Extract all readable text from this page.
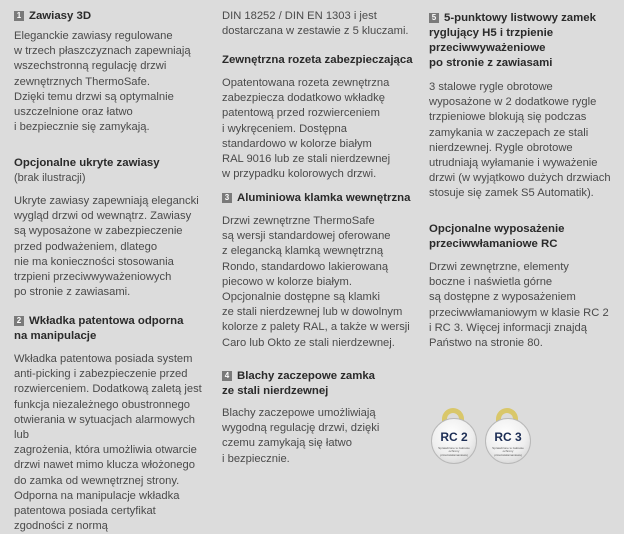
1 Zawiasy 3D
Eleganckie zawiasy regulowane
w trzech płaszczyznach zapewniają
wszechstronną regulację drzwi
zewnętrznych ThermoSafe.
Dzięki temu drzwi są optymalnie
uszczelnione oraz łatwo
i bezpiecznie się zamykają.
Opcjonalne ukryte zawiasy
(brak ilustracji)
Ukryte zawiasy zapewniają elegancki
wygląd drzwi od wewnątrz. Zawiasy
są wyposażone w zabezpieczenie
przed podważeniem, dlatego
nie ma konieczności stosowania
trzpieni przeciwwyważeniowych
po stronie z zawiasami.
2 Wkładka patentowa odporna
na manipulacje
Wkładka patentowa posiada system
anti-picking i zabezpieczenie przed
rozwierceniem. Dodatkową zaletą jest
funkcja niezależnego obustronnego
otwierania w sytuacjach alarmowych lub
zagrożenia, która umożliwia otwarcie
drzwi nawet mimo klucza włożonego
do zamka od wewnętrznej strony.
Odporna na manipulacje wkładka
patentowa posiada certyfikat
zgodności z normą
DIN 18252 / DIN EN 1303 i jest
dostarczana w zestawie z 5 kluczami.
Zewnętrzna rozeta zabezpieczająca
Opatentowana rozeta zewnętrzna
zabezpiecza dodatkowo wkładkę
patentową przed rozwierceniem
i wykręceniem. Dostępna
standardowo w kolorze białym
RAL 9016 lub ze stali nierdzewnej
w przypadku kolorowych drzwi.
3 Aluminiowa klamka wewnętrzna
Drzwi zewnętrzne ThermoSafe
są wersji standardowej oferowane
z elegancką klamką wewnętrzną
Rondo, standardowo lakierowaną
piecowo w kolorze białym.
Opcjonalnie dostępne są klamki
ze stali nierdzewnej lub w dowolnym
kolorze z palety RAL, a także w wersji
Caro lub Okto ze stali nierdzewnej.
4 Blachy zaczepowe zamka
ze stali nierdzewnej
Blachy zaczepowe umożliwiają
wygodną regulację drzwi, dzięki
czemu zamykają się łatwo
i bezpiecznie.
5 5-punktowy listwowy zamek
ryglujący H5 i trzpienie
przeciwwyważeniowe
po stronie z zawiasami
3 stalowe rygle obrotowe
wyposażone w 2 dodatkowe rygle
trzpieniowe blokują się podczas
zamykania w zaczepach ze stali
nierdzewnej. Rygle obrotowe
utrudniają wyłamanie i wyważenie
drzwi (w wyjątkowo dużych drzwiach
stosuje się zamek S5 Automatik).
Opcjonalne wyposażenie
przeciwwłamaniowe RC
Drzwi zewnętrzne, elementy
boczne i naświetla górne
są dostępne z wyposażeniem
przeciwwłamaniowym w klasie RC 2
i RC 3. Więcej informacji znajdą
Państwo na stronie 80.
RC 2
Sprawdzone w zakresie ochrony przeciwwłamaniowej
RC 3
Sprawdzone w zakresie ochrony przeciwwłamaniowej
